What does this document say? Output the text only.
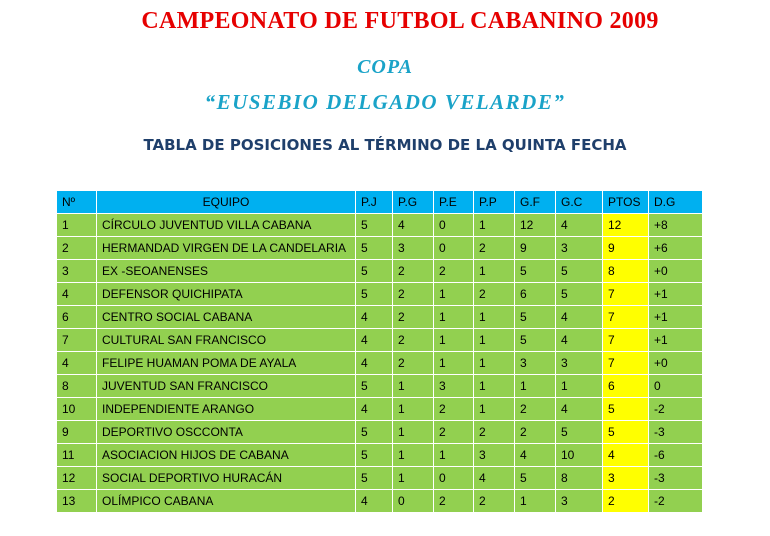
CAMPEONATO DE FUTBOL CABANINO 2009
COPA
“EUSEBIO DELGADO VELARDE”
TABLA DE POSICIONES AL TÉRMINO DE LA QUINTA FECHA
Nº	EQUIPO	P.J	P.G	P.E	P.P	G.F	G.C	PTOS	D.G
1	CÍRCULO JUVENTUD VILLA CABANA	5	4	0	1	12	4	12	+8
2	HERMANDAD VIRGEN DE LA CANDELARIA	5	3	0	2	9	3	9	+6
3	EX -SEOANENSES	5	2	2	1	5	5	8	+0
4	DEFENSOR QUICHIPATA	5	2	1	2	6	5	7	+1
6	CENTRO SOCIAL CABANA	4	2	1	1	5	4	7	+1
7	CULTURAL SAN FRANCISCO	4	2	1	1	5	4	7	+1
4	FELIPE HUAMAN POMA DE AYALA	4	2	1	1	3	3	7	+0
8	JUVENTUD SAN FRANCISCO	5	1	3	1	1	1	6	0
10	INDEPENDIENTE ARANGO	4	1	2	1	2	4	5	-2
9	DEPORTIVO OSCCONTA	5	1	2	2	2	5	5	-3
11	ASOCIACION HIJOS DE CABANA	5	1	1	3	4	10	4	-6
12	SOCIAL DEPORTIVO HURACÁN	5	1	0	4	5	8	3	-3
13	OLÍMPICO CABANA	4	0	2	2	1	3	2	-2
